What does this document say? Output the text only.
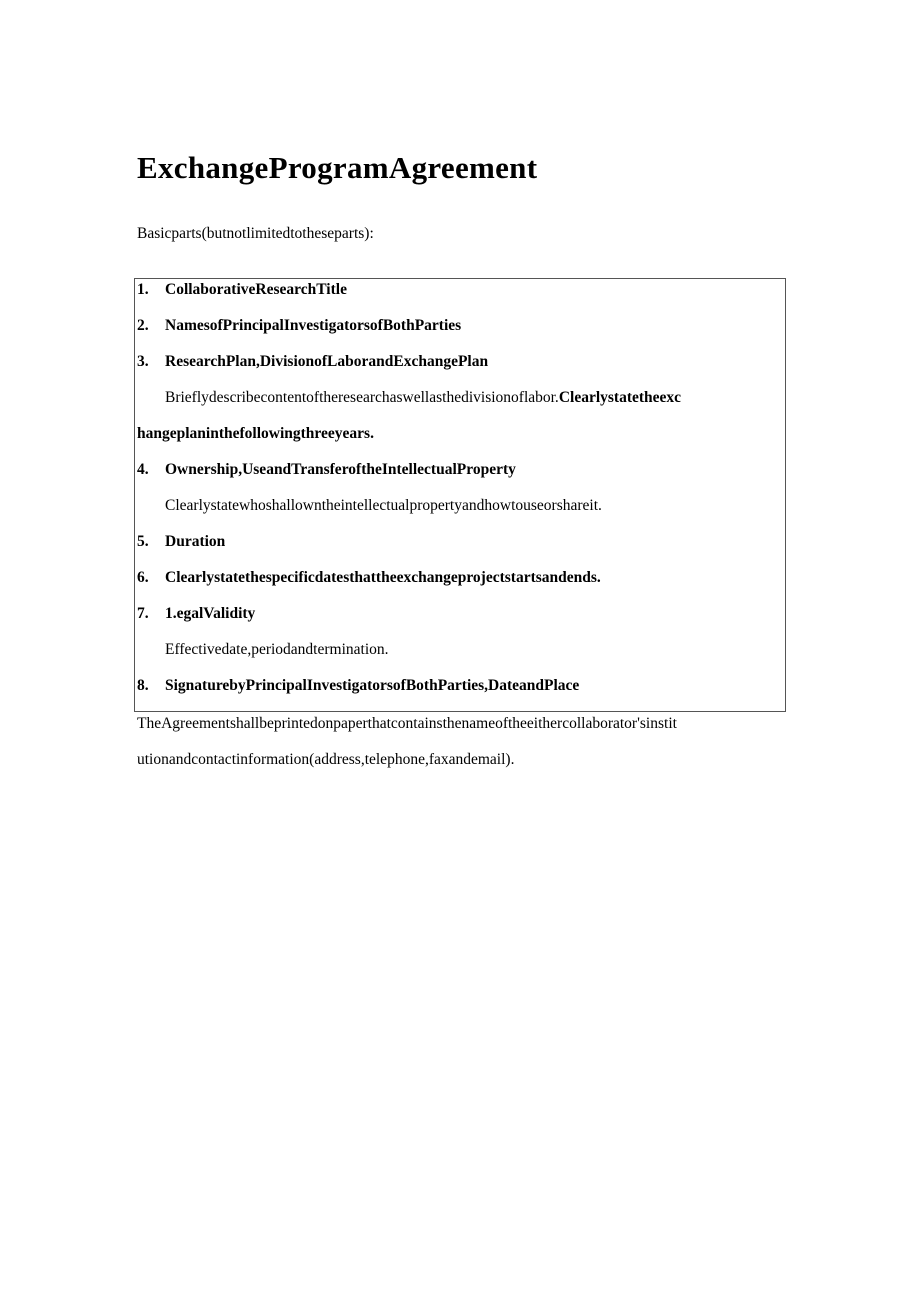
ExchangeProgramAgreement

Basicparts(butnotlimitedtotheseparts):

1. CollaborativeResearchTitle
2. NamesofPrincipalInvestigatorsofBothParties
3. ResearchPlan,DivisionofLaborandExchangePlan
Brieflydescribecontentoftheresearchaswellasthedivisionoflabor.Clearlystatetheexc
hangeplaninthefollowingthreeyears.
4. Ownership,UseandTransferoftheIntellectualProperty
Clearlystatewhoshallowntheintellectualpropertyandhowtouseorshareit.
5. Duration
6. Clearlystatethespecificdatesthattheexchangeprojectstartsandends.
7. 1.egalValidity
Effectivedate,periodandtermination.
8. SignaturebyPrincipalInvestigatorsofBothParties,DateandPlace
TheAgreementshallbeprintedonpaperthatcontainsthenameoftheeithercollaborator'sinstit
utionandcontactinformation(address,telephone,faxandemail).
